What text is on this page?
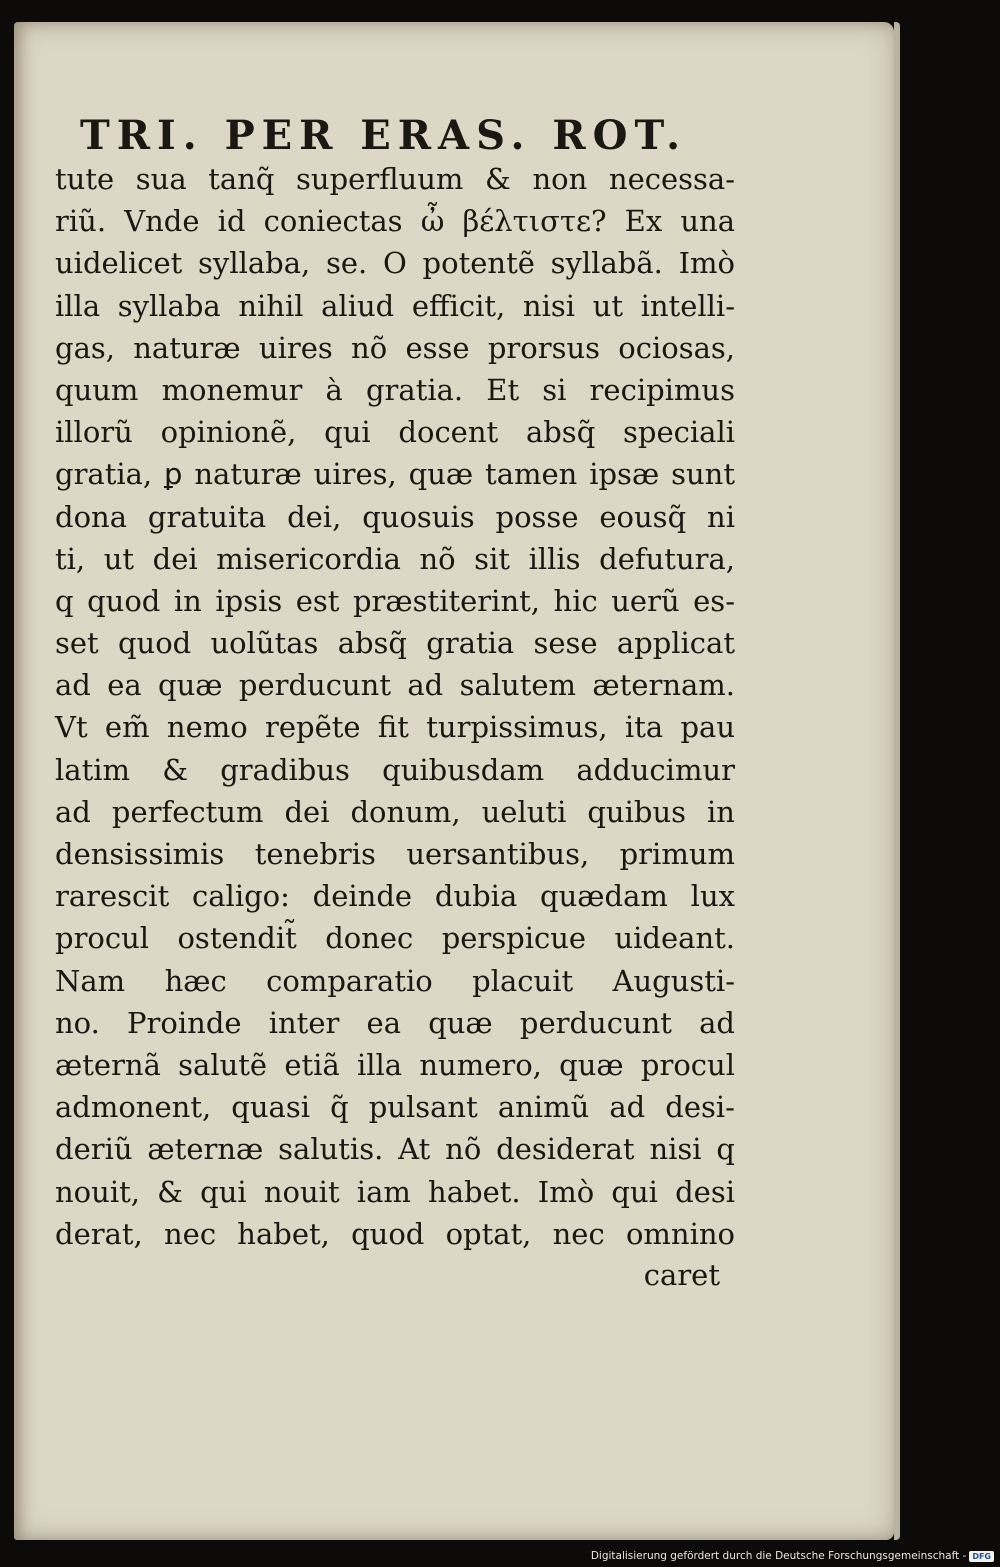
TRI. PER ERAS. ROT.
tute sua tanq̃ superfluum & non necessa-
riũ. Vnde id coniectas ὦ βέλτιστε? Ex una
uidelicet syllaba, se. O potentẽ syllabã. Imò
illa syllaba nihil aliud efficit, nisi ut intelli-
gas, naturæ uires nõ esse prorsus ociosas,
quum monemur à gratia. Et si recipimus
illorũ opinionẽ, qui docent absq̃ speciali
gratia, ꝑ naturæ uires, quæ tamen ipsæ sunt
dona gratuita dei, quosuis posse eousq̃ ni
ti, ut dei misericordia nõ sit illis defutura,
q quod in ipsis est præstiterint, hic uerũ es-
set quod uolũtas absq̃ gratia sese applicat
ad ea quæ perducunt ad salutem æternam.
Vt em̃ nemo repẽte fit turpissimus, ita pau
latim & gradibus quibusdam adducimur
ad perfectum dei donum, ueluti quibus in
densissimis tenebris uersantibus, primum
rarescit caligo: deinde dubia quædam lux
procul ostendit̃ donec perspicue uideant.
Nam hæc comparatio placuit Augusti-
no. Proinde inter ea quæ perducunt ad
æternã salutẽ etiã illa numero, quæ procul
admonent, quasi q̃ pulsant animũ ad desi-
deriũ æternæ salutis. At nõ desiderat nisi q
nouit, & qui nouit iam habet. Imò qui desi
derat, nec habet, quod optat, nec omnino

caret

Digitalisierung gefördert durch die Deutsche Forschungsgemeinschaft - DFG
